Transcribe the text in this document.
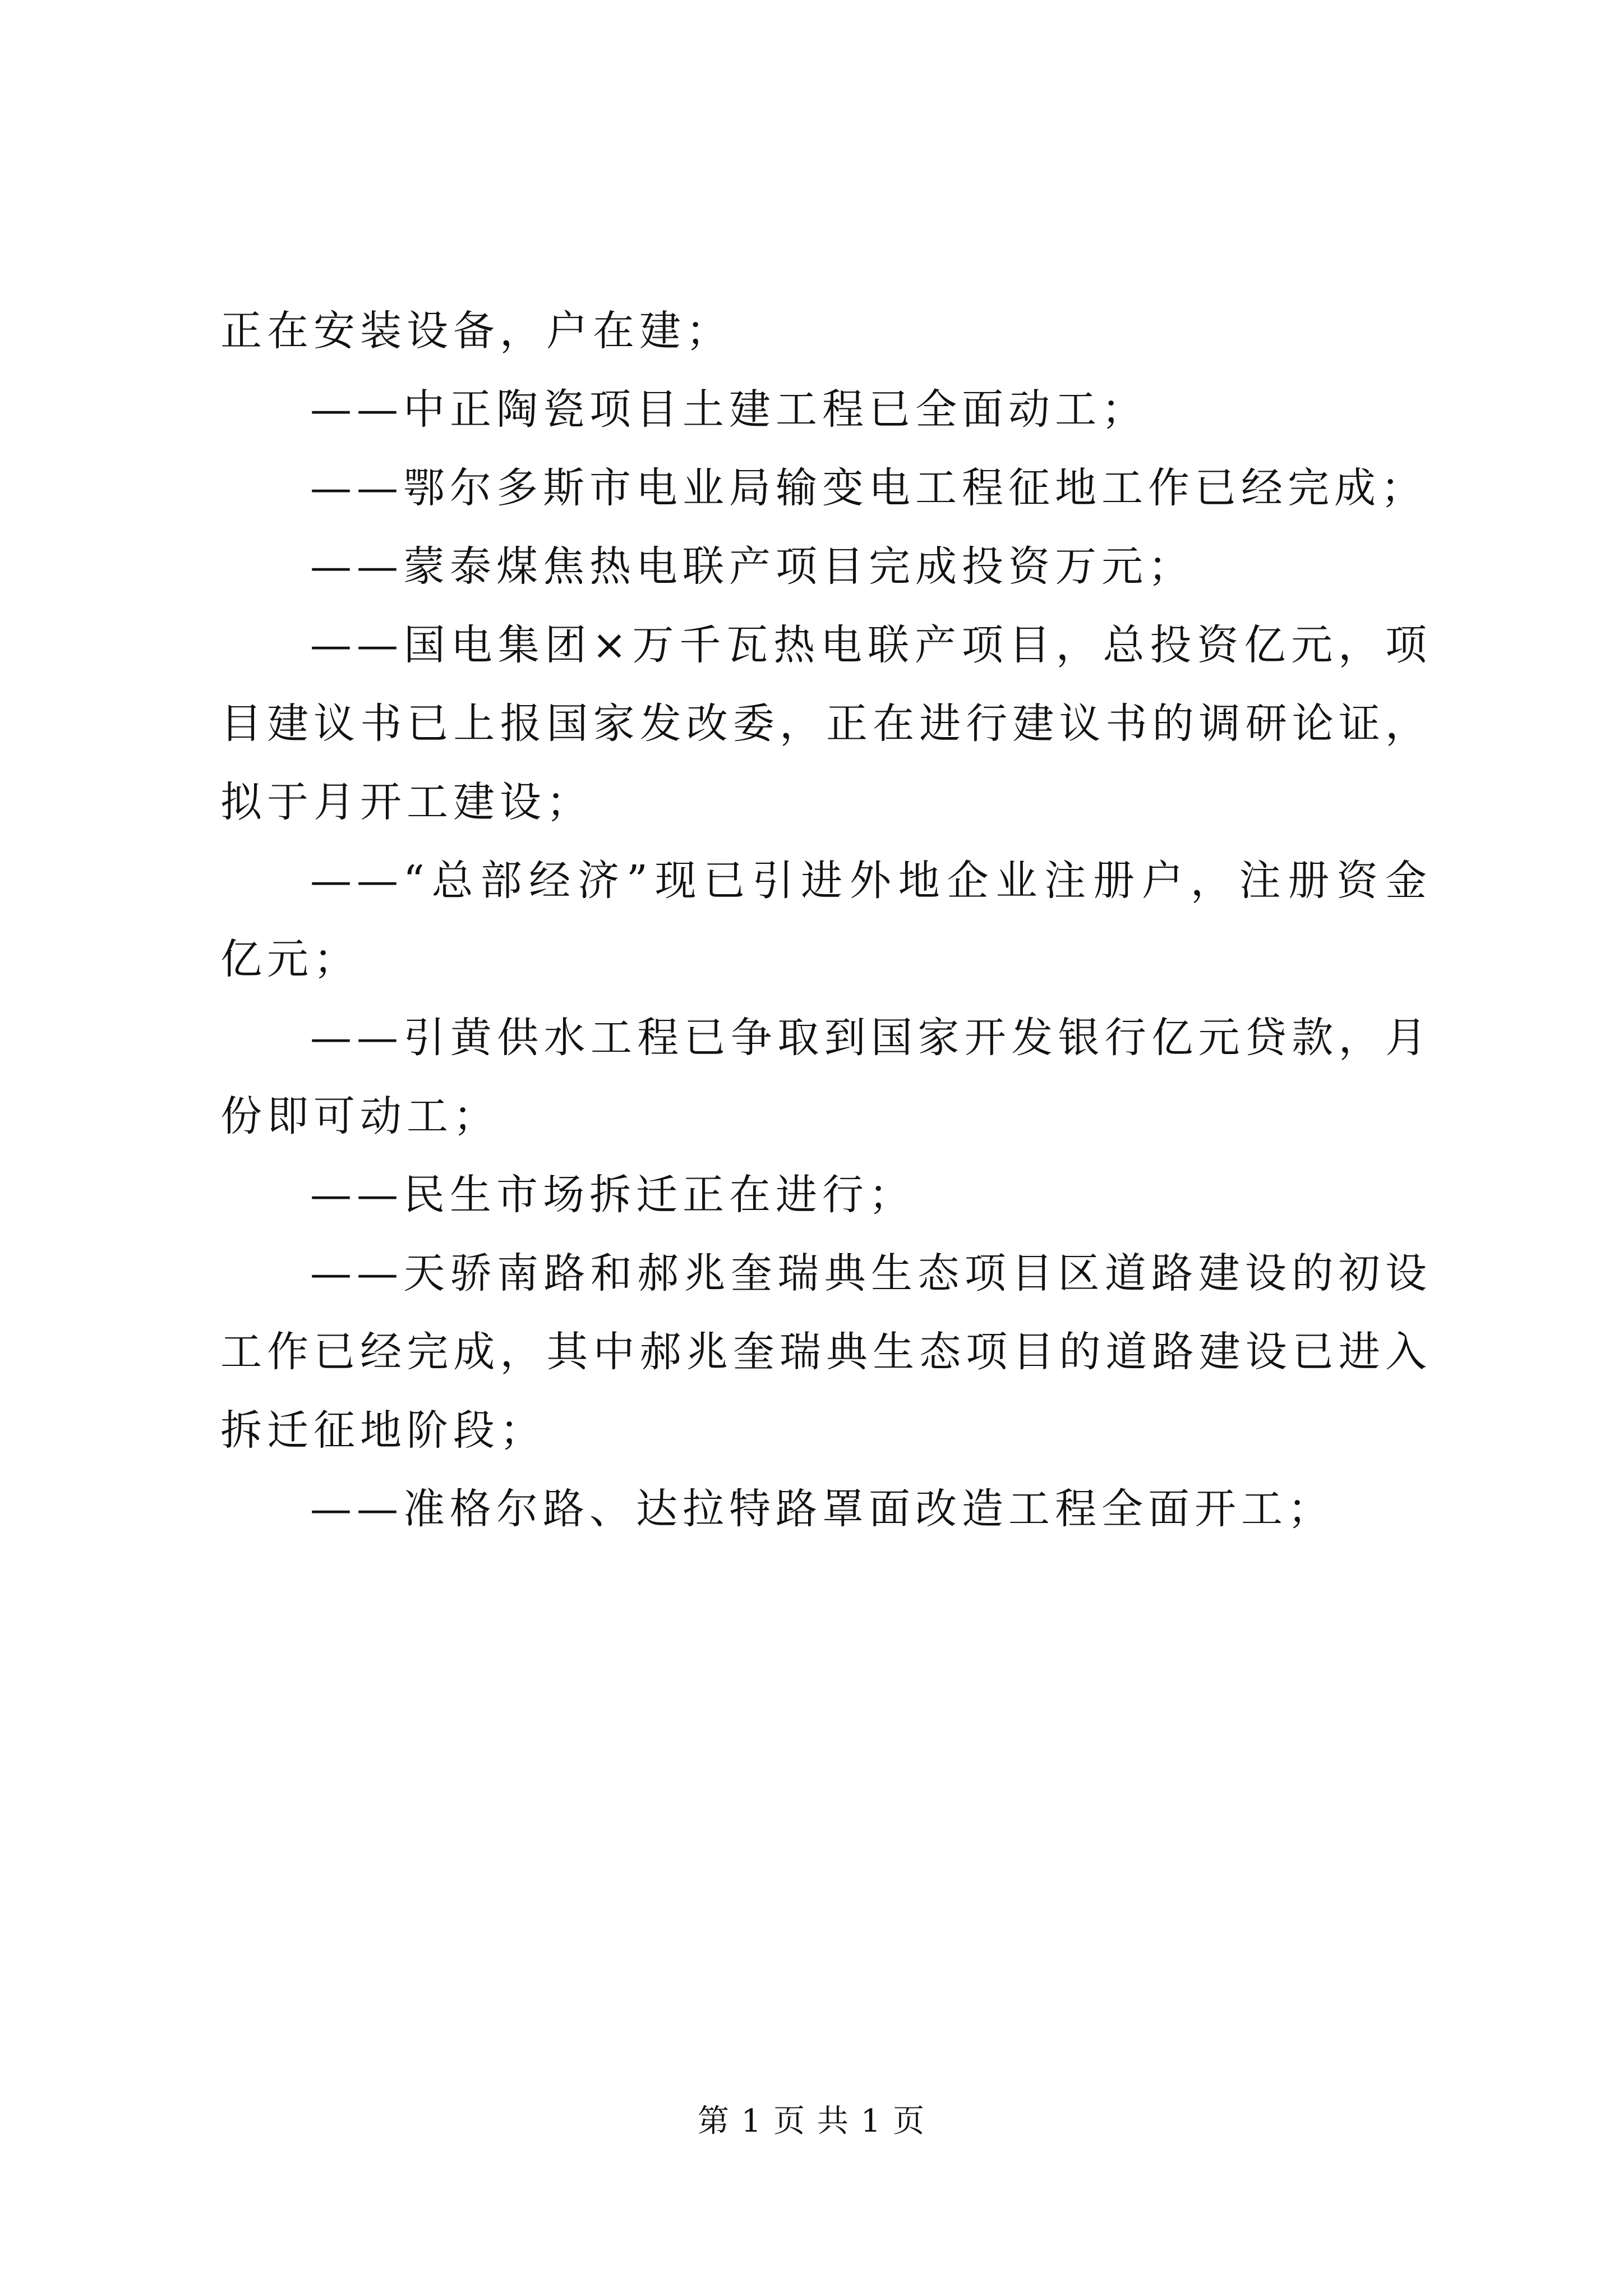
正在安装设备，户在建；

——中正陶瓷项目土建工程已全面动工；

——鄂尔多斯市电业局输变电工程征地工作已经完成；

——蒙泰煤焦热电联产项目完成投资万元；

——国电集团×万千瓦热电联产项目，总投资亿元，项目建议书已上报国家发改委，正在进行建议书的调研论证，拟于月开工建设；

——“总部经济”现已引进外地企业注册户，注册资金亿元；

——引黄供水工程已争取到国家开发银行亿元贷款，月份即可动工；

——民生市场拆迁正在进行；

——天骄南路和郝兆奎瑞典生态项目区道路建设的初设工作已经完成，其中郝兆奎瑞典生态项目的道路建设已进入拆迁征地阶段；

——准格尔路、达拉特路罩面改造工程全面开工；

第 1 页 共 1 页
